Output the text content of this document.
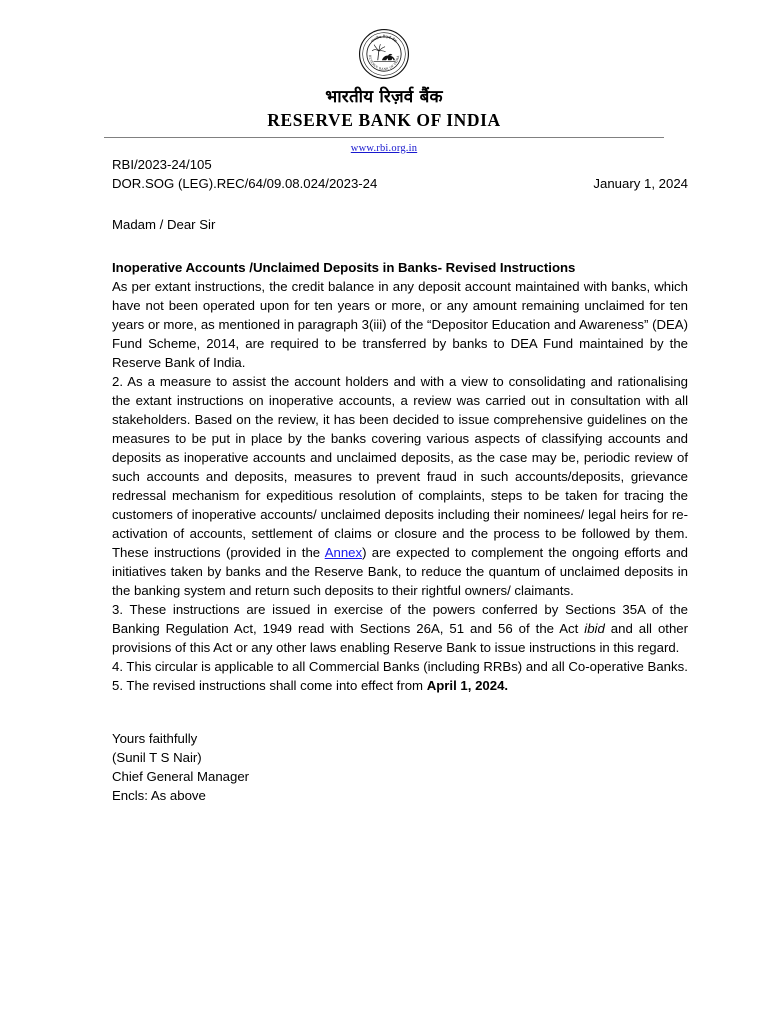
भारतीय रिज़र्व बैंक
RESERVE BANK OF INDIA
भारतीय रिज़र्व बैंक
RESERVE BANK OF INDIA
www.rbi.org.in
RBI/2023-24/105
DOR.SOG (LEG).REC/64/09.08.024/2023-24	January 1, 2024
Madam / Dear Sir
Inoperative Accounts /Unclaimed Deposits in Banks- Revised Instructions

As per extant instructions, the credit balance in any deposit account maintained with banks, which have not been operated upon for ten years or more, or any amount remaining unclaimed for ten years or more, as mentioned in paragraph 3(iii) of the “Depositor Education and Awareness” (DEA) Fund Scheme, 2014, are required to be transferred by banks to DEA Fund maintained by the Reserve Bank of India.

2. As a measure to assist the account holders and with a view to consolidating and rationalising the extant instructions on inoperative accounts, a review was carried out in consultation with all stakeholders. Based on the review, it has been decided to issue comprehensive guidelines on the measures to be put in place by the banks covering various aspects of classifying accounts and deposits as inoperative accounts and unclaimed deposits, as the case may be, periodic review of such accounts and deposits, measures to prevent fraud in such accounts/deposits, grievance redressal mechanism for expeditious resolution of complaints, steps to be taken for tracing the customers of inoperative accounts/ unclaimed deposits including their nominees/ legal heirs for re-activation of accounts, settlement of claims or closure and the process to be followed by them. These instructions (provided in the Annex) are expected to complement the ongoing efforts and initiatives taken by banks and the Reserve Bank, to reduce the quantum of unclaimed deposits in the banking system and return such deposits to their rightful owners/ claimants.

3. These instructions are issued in exercise of the powers conferred by Sections 35A of the Banking Regulation Act, 1949 read with Sections 26A, 51 and 56 of the Act ibid and all other provisions of this Act or any other laws enabling Reserve Bank to issue instructions in this regard.

4. This circular is applicable to all Commercial Banks (including RRBs) and all Co-operative Banks.

5. The revised instructions shall come into effect from April 1, 2024.

Yours faithfully

(Sunil T S Nair)

Chief General Manager

Encls: As above
